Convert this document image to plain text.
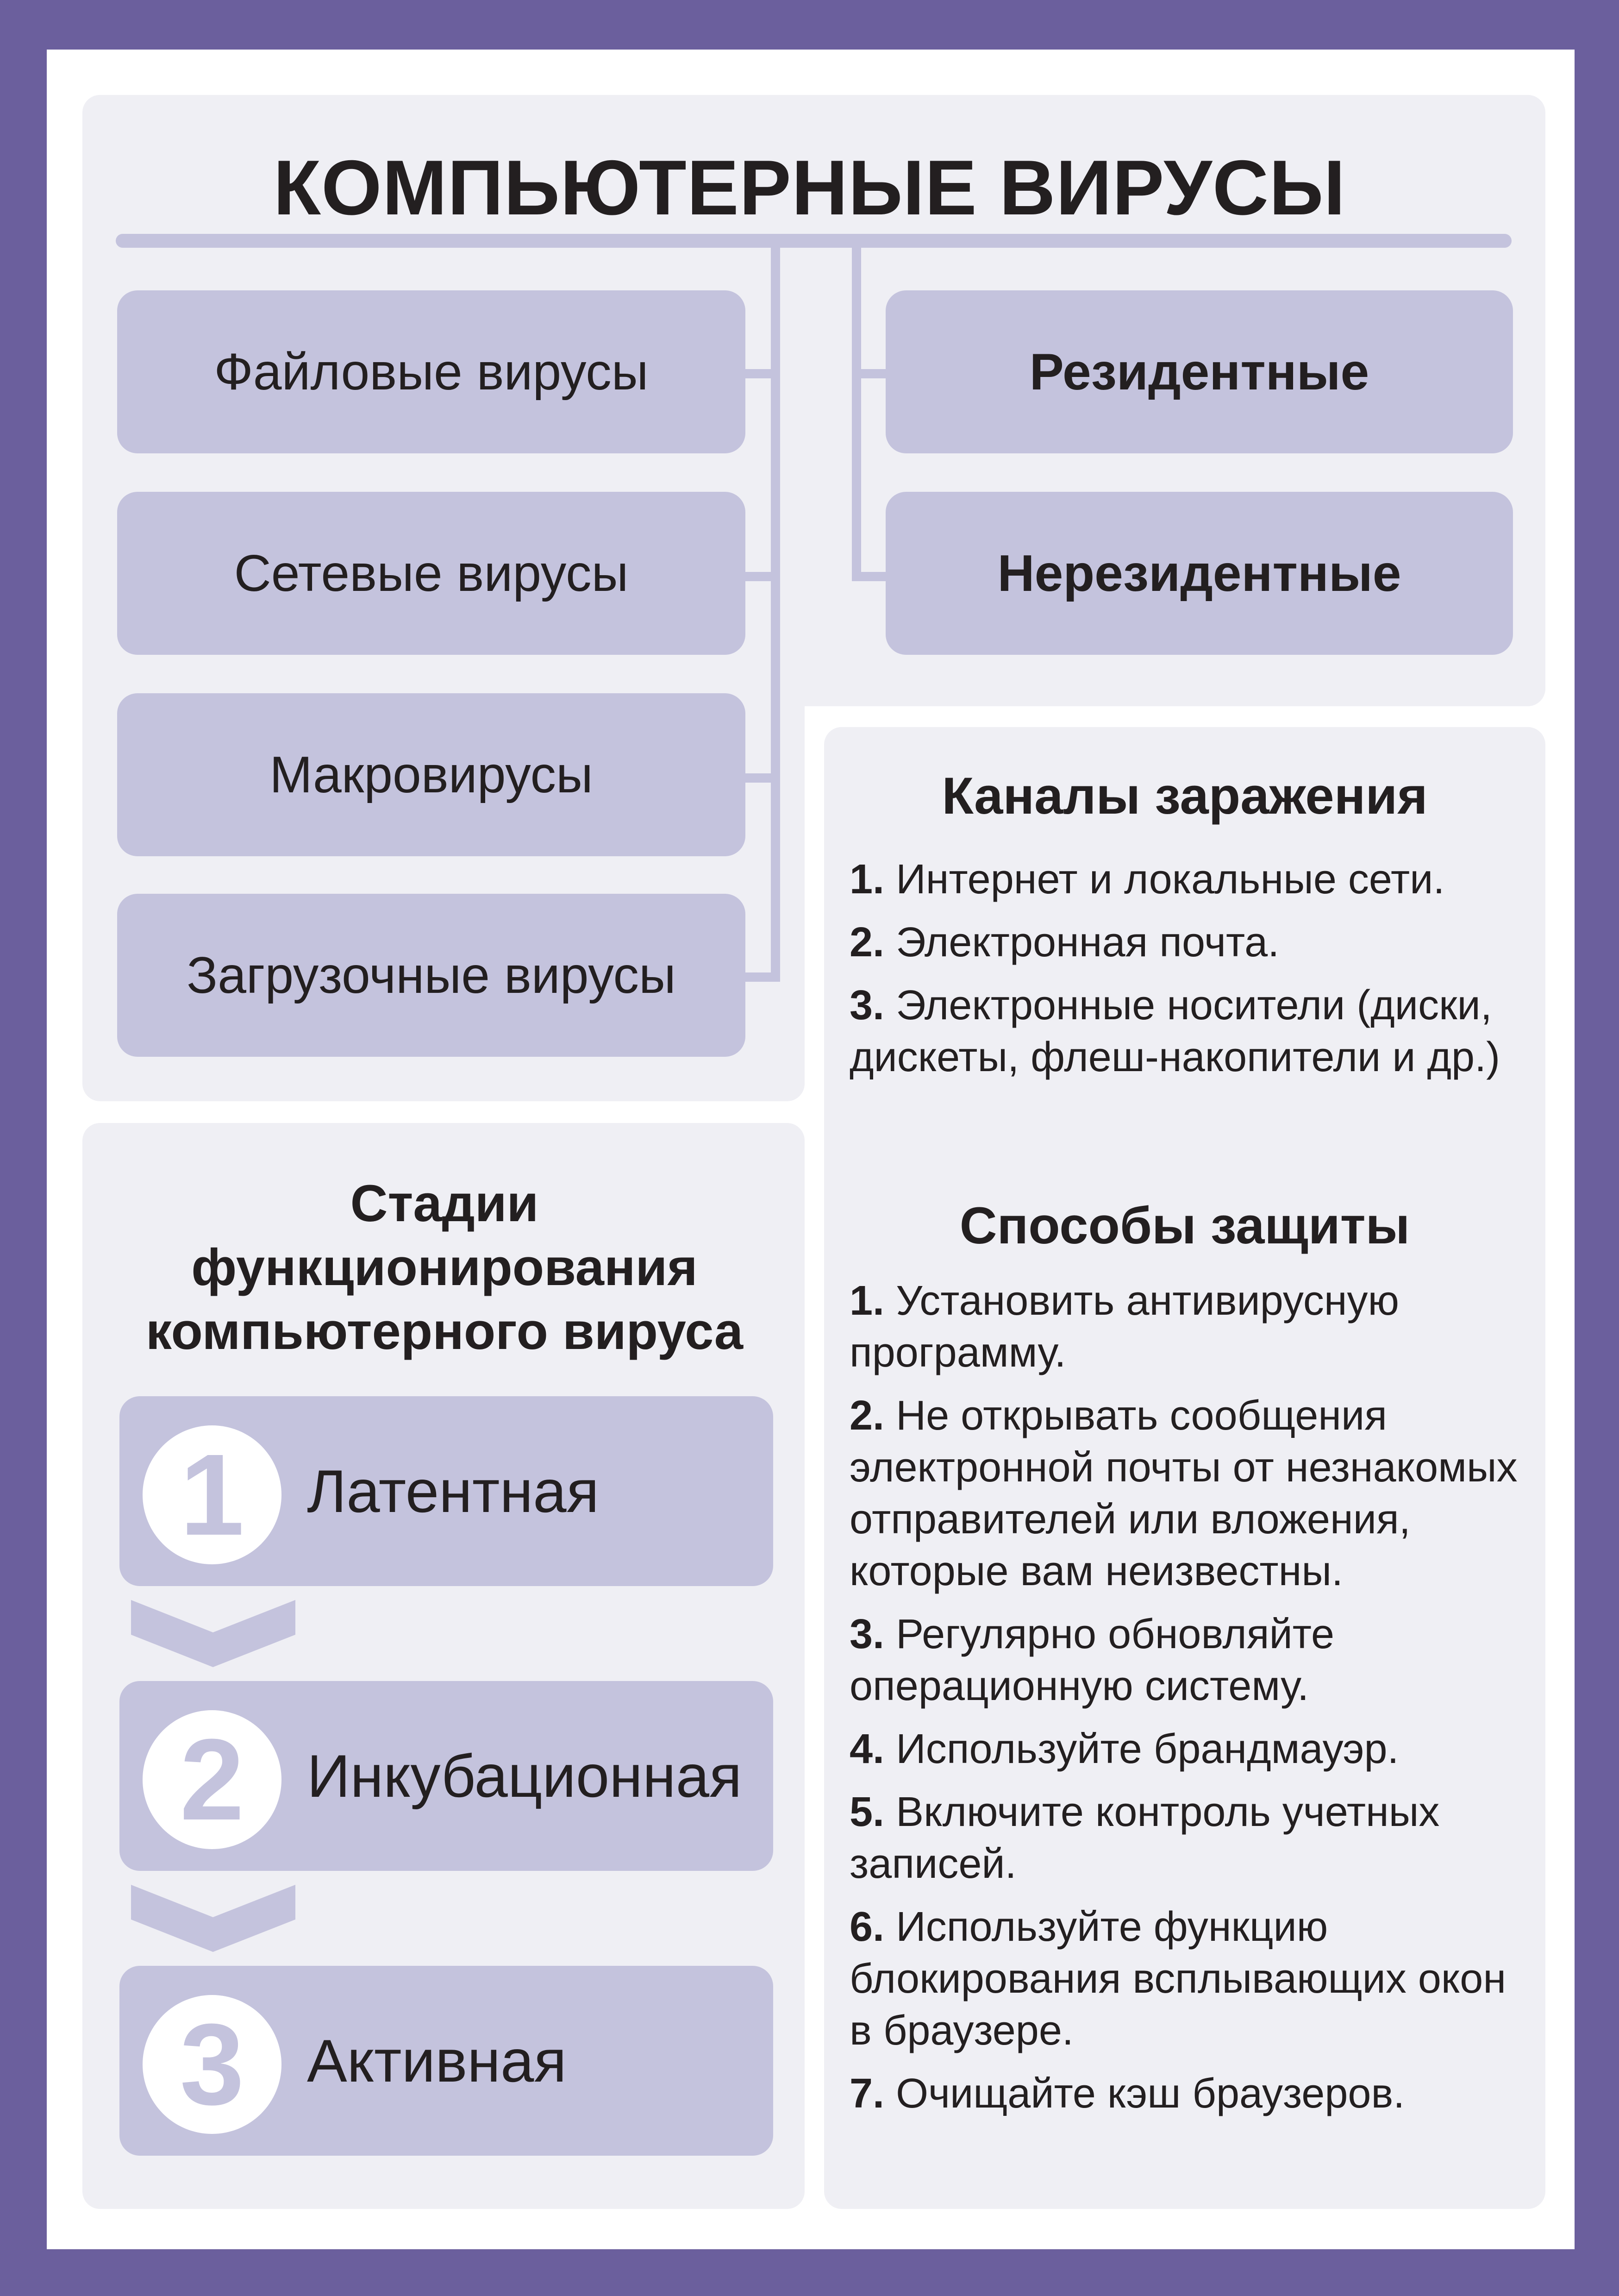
КОМПЬЮТЕРНЫЕ ВИРУСЫ
Файловые вирусы
Сетевые вирусы
Макровирусы
Загрузочные вирусы
Резидентные
Нерезидентные
Стадии функционирования компьютерного вируса
1	Латентная
2	Инкубационная
3	Активная
Каналы заражения
1. Интернет и локальные сети.
2. Электронная почта.
3. Электронные носители (диски, дискеты, флеш-накопители и др.)
Способы защиты
1. Установить антивирусную программу.
2. Не открывать сообщения электронной почты от незнакомых отправителей или вложения, которые вам неизвестны.
3. Регулярно обновляйте операционную систему.
4. Используйте брандмауэр.
5. Включите контроль учетных записей.
6. Используйте функцию блокирования всплывающих окон в браузере.
7. Очищайте кэш браузеров.
